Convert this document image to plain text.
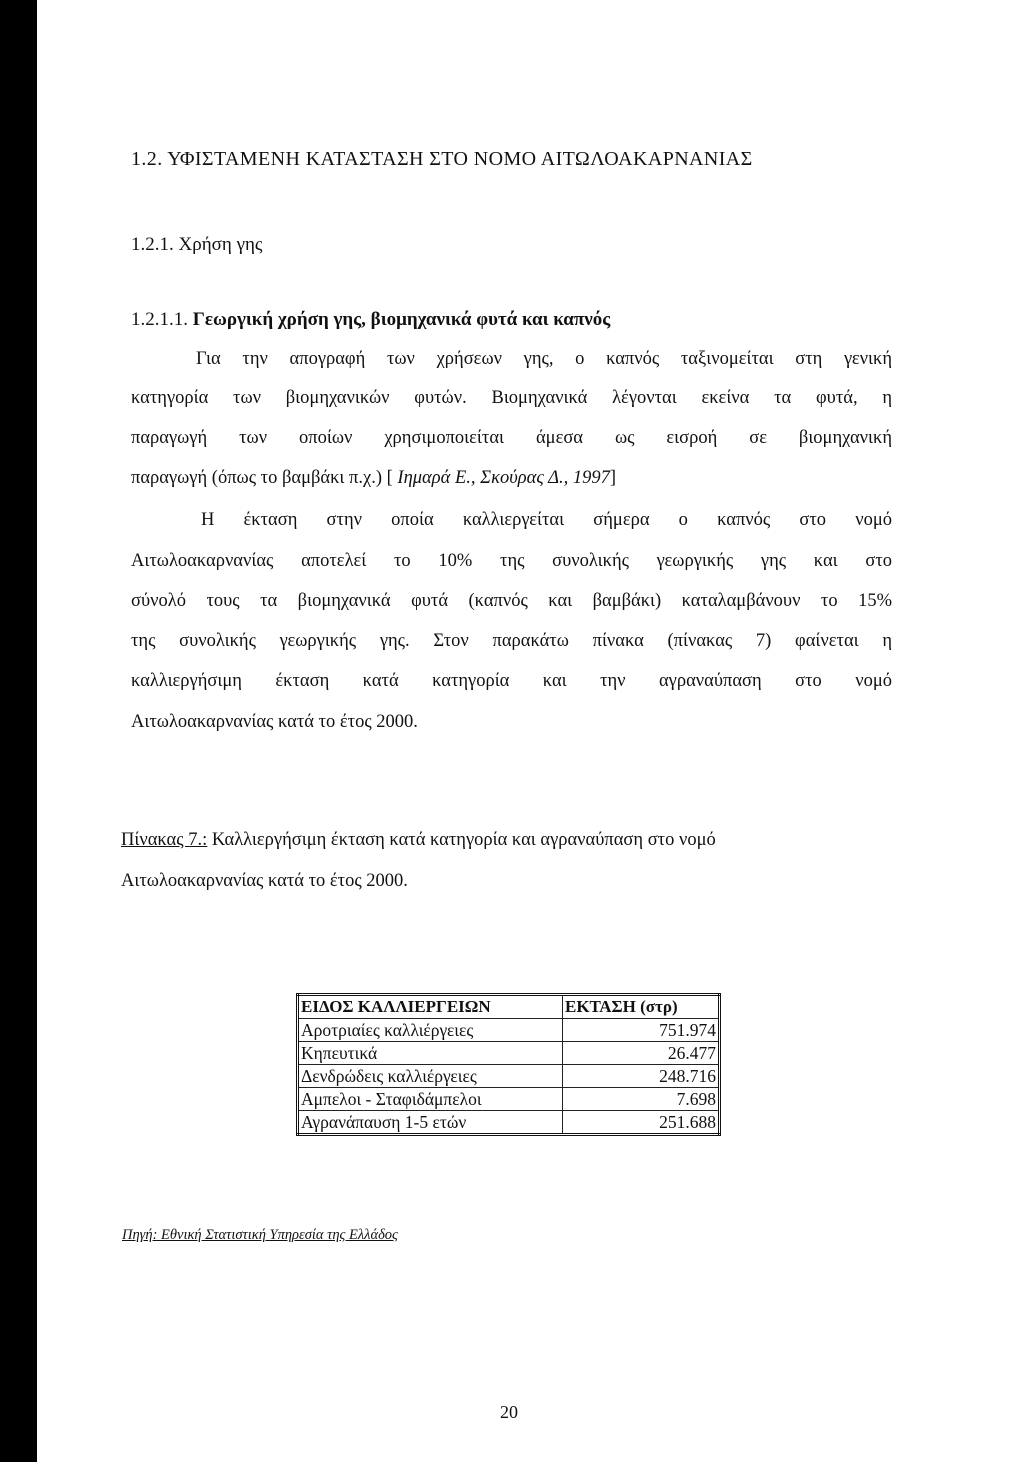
1.2. ΥΦΙΣΤΑΜΕΝΗ ΚΑΤΑΣΤΑΣΗ ΣΤΟ ΝΟΜΟ ΑΙΤΩΛΟΑΚΑΡΝΑΝΙΑΣ
1.2.1. Χρήση γης
1.2.1.1. Γεωργική χρήση γης, βιομηχανικά φυτά και καπνός
Για την απογραφή των χρήσεων γης, ο καπνός ταξινομείται στη γενική
κατηγορία των βιομηχανικών φυτών. Βιομηχανικά λέγονται εκείνα τα φυτά, η
παραγωγή των οποίων χρησιμοποιείται άμεσα ως εισροή σε βιομηχανική
παραγωγή (όπως το βαμβάκι π.χ.) [ Ιημαρά Ε., Σκούρας Δ., 1997]
Η έκταση στην οποία καλλιεργείται σήμερα ο καπνός στο νομό
Αιτωλοακαρνανίας αποτελεί το 10% της συνολικής γεωργικής γης και στο
σύνολό τους τα βιομηχανικά φυτά (καπνός και βαμβάκι) καταλαμβάνουν το 15%
της συνολικής γεωργικής γης. Στον παρακάτω πίνακα (πίνακας 7) φαίνεται η
καλλιεργήσιμη έκταση κατά κατηγορία και την αγραναύπαση στο νομό
Αιτωλοακαρνανίας κατά το έτος 2000.
Πίνακας 7.: Καλλιεργήσιμη έκταση κατά κατηγορία και αγραναύπαση στο νομό
Αιτωλοακαρνανίας κατά το έτος 2000.
ΕΙΔΟΣ ΚΑΛΛΙΕΡΓΕΙΩΝ	ΕΚΤΑΣΗ (στρ)
Αροτριαίες καλλιέργειες	751.974
Κηπευτικά	26.477
Δενδρώδεις καλλιέργειες	248.716
Αμπελοι - Σταφιδάμπελοι	7.698
Αγρανάπαυση 1-5 ετών	251.688
Πηγή: Εθνική Στατιστική Υπηρεσία της Ελλάδος
20
